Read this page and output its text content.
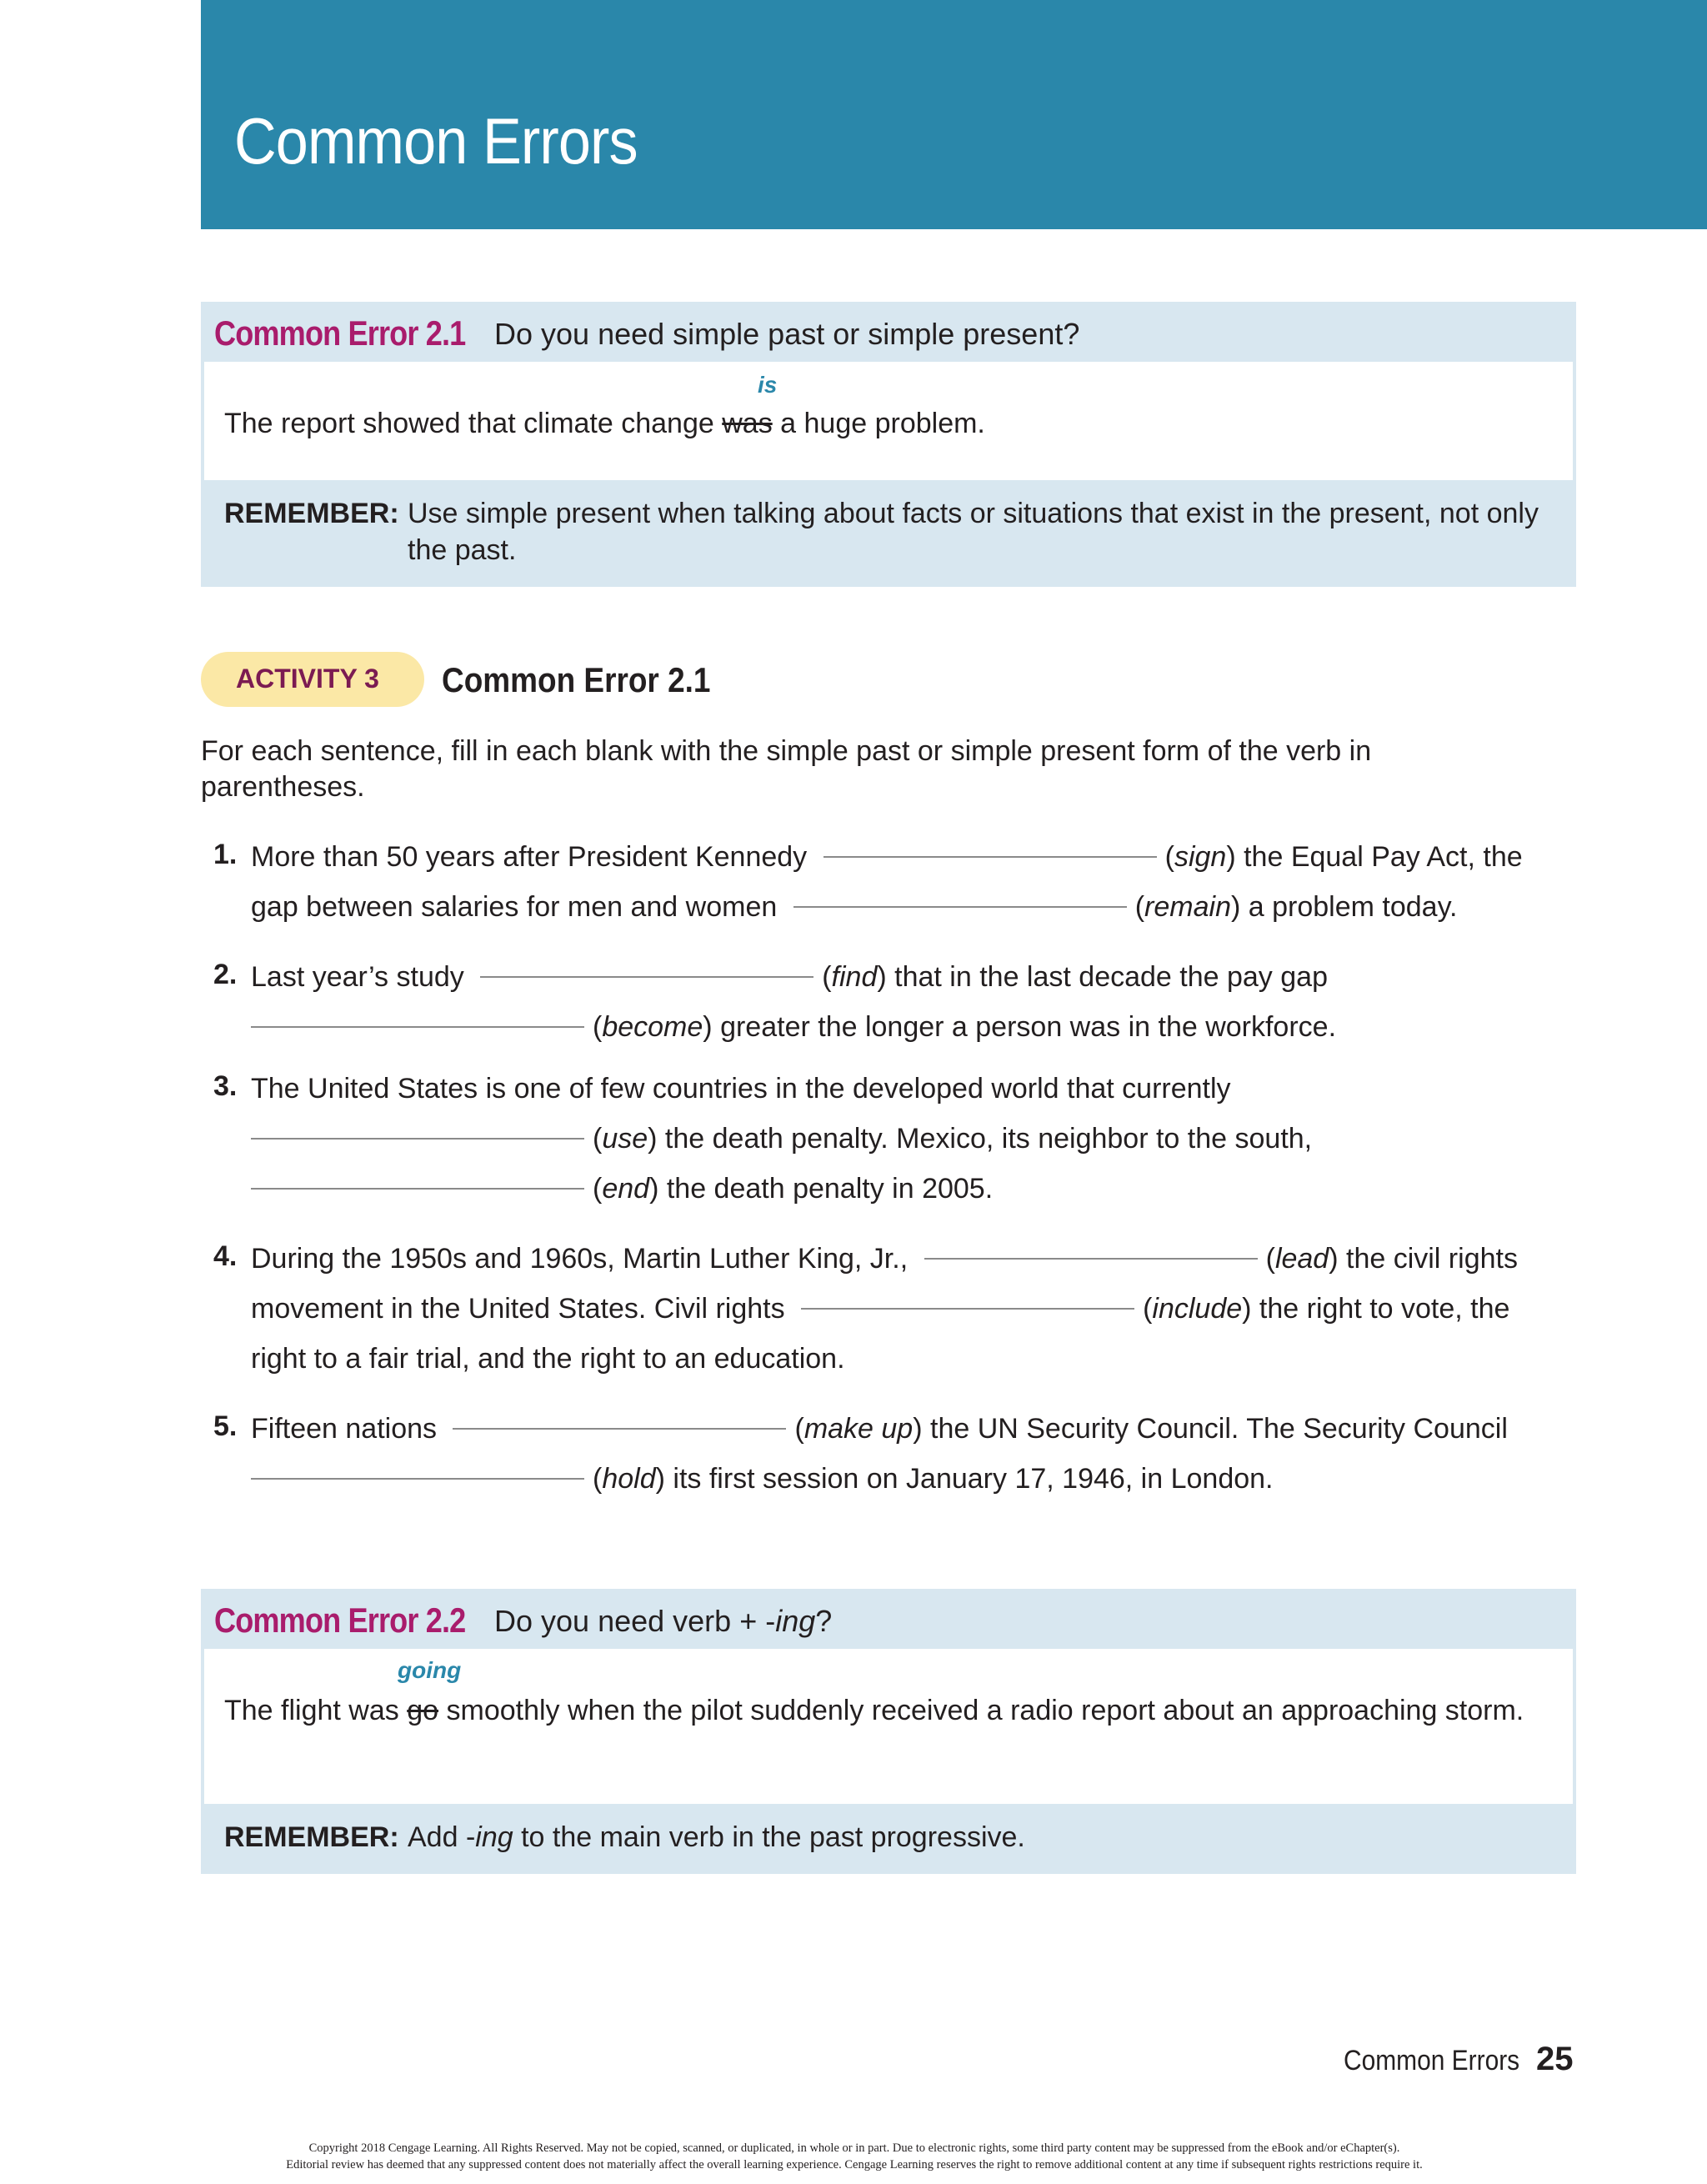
Common Errors
Common Error 2.1 Do you need simple past or simple present?
is
The report showed that climate change was a huge problem.
REMEMBER: Use simple present when talking about facts or situations that exist in the present, not only the past.
ACTIVITY 3 Common Error 2.1
For each sentence, fill in each blank with the simple past or simple present form of the verb in parentheses.
1. More than 50 years after President Kennedy	(sign) the Equal Pay Act, the
gap between salaries for men and women	(remain) a problem today.
2. Last year’s study	(find) that in the last decade the pay gap
(become) greater the longer a person was in the workforce.
3. The United States is one of few countries in the developed world that currently
(use) the death penalty. Mexico, its neighbor to the south,
(end) the death penalty in 2005.
4. During the 1950s and 1960s, Martin Luther King, Jr.,	(lead) the civil rights
movement in the United States. Civil rights	(include) the right to vote, the
right to a fair trial, and the right to an education.
5. Fifteen nations	(make up) the UN Security Council. The Security Council
(hold) its first session on January 17, 1946, in London.
Common Error 2.2 Do you need verb + -ing?
going
The flight was go smoothly when the pilot suddenly received a radio report about an approaching storm.
REMEMBER: Add -ing to the main verb in the past progressive.
Common Errors 25
Copyright 2018 Cengage Learning. All Rights Reserved. May not be copied, scanned, or duplicated, in whole or in part. Due to electronic rights, some third party content may be suppressed from the eBook and/or eChapter(s).
Editorial review has deemed that any suppressed content does not materially affect the overall learning experience. Cengage Learning reserves the right to remove additional content at any time if subsequent rights restrictions require it.
